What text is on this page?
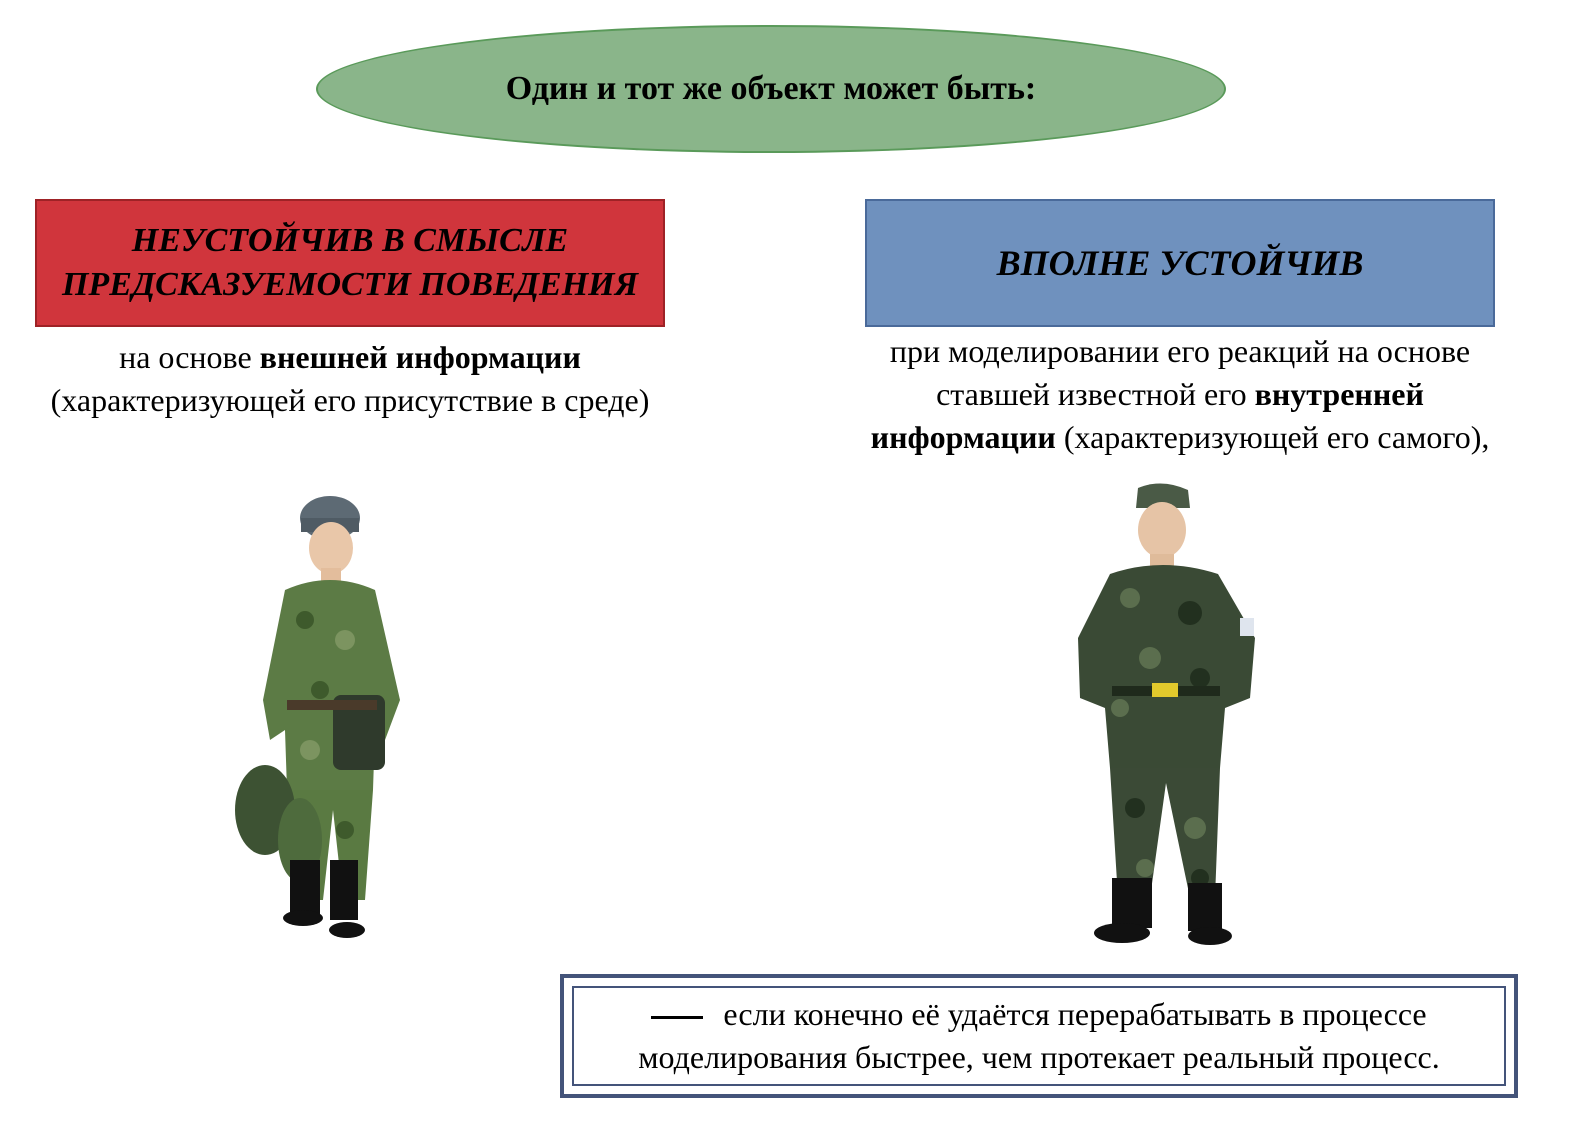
Один и тот же объект может быть:
НЕУСТОЙЧИВ В СМЫСЛЕ
ПРЕДСКАЗУЕМОСТИ ПОВЕДЕНИЯ
ВПОЛНЕ УСТОЙЧИВ
на основе внешней информации
(характеризующей его присутствие в среде)
при моделировании его реакций на основе
ставшей известной его внутренней
информации (характеризующей его самого),
если конечно её удаётся перерабатывать в процессе
моделирования быстрее, чем протекает реальный процесс.
